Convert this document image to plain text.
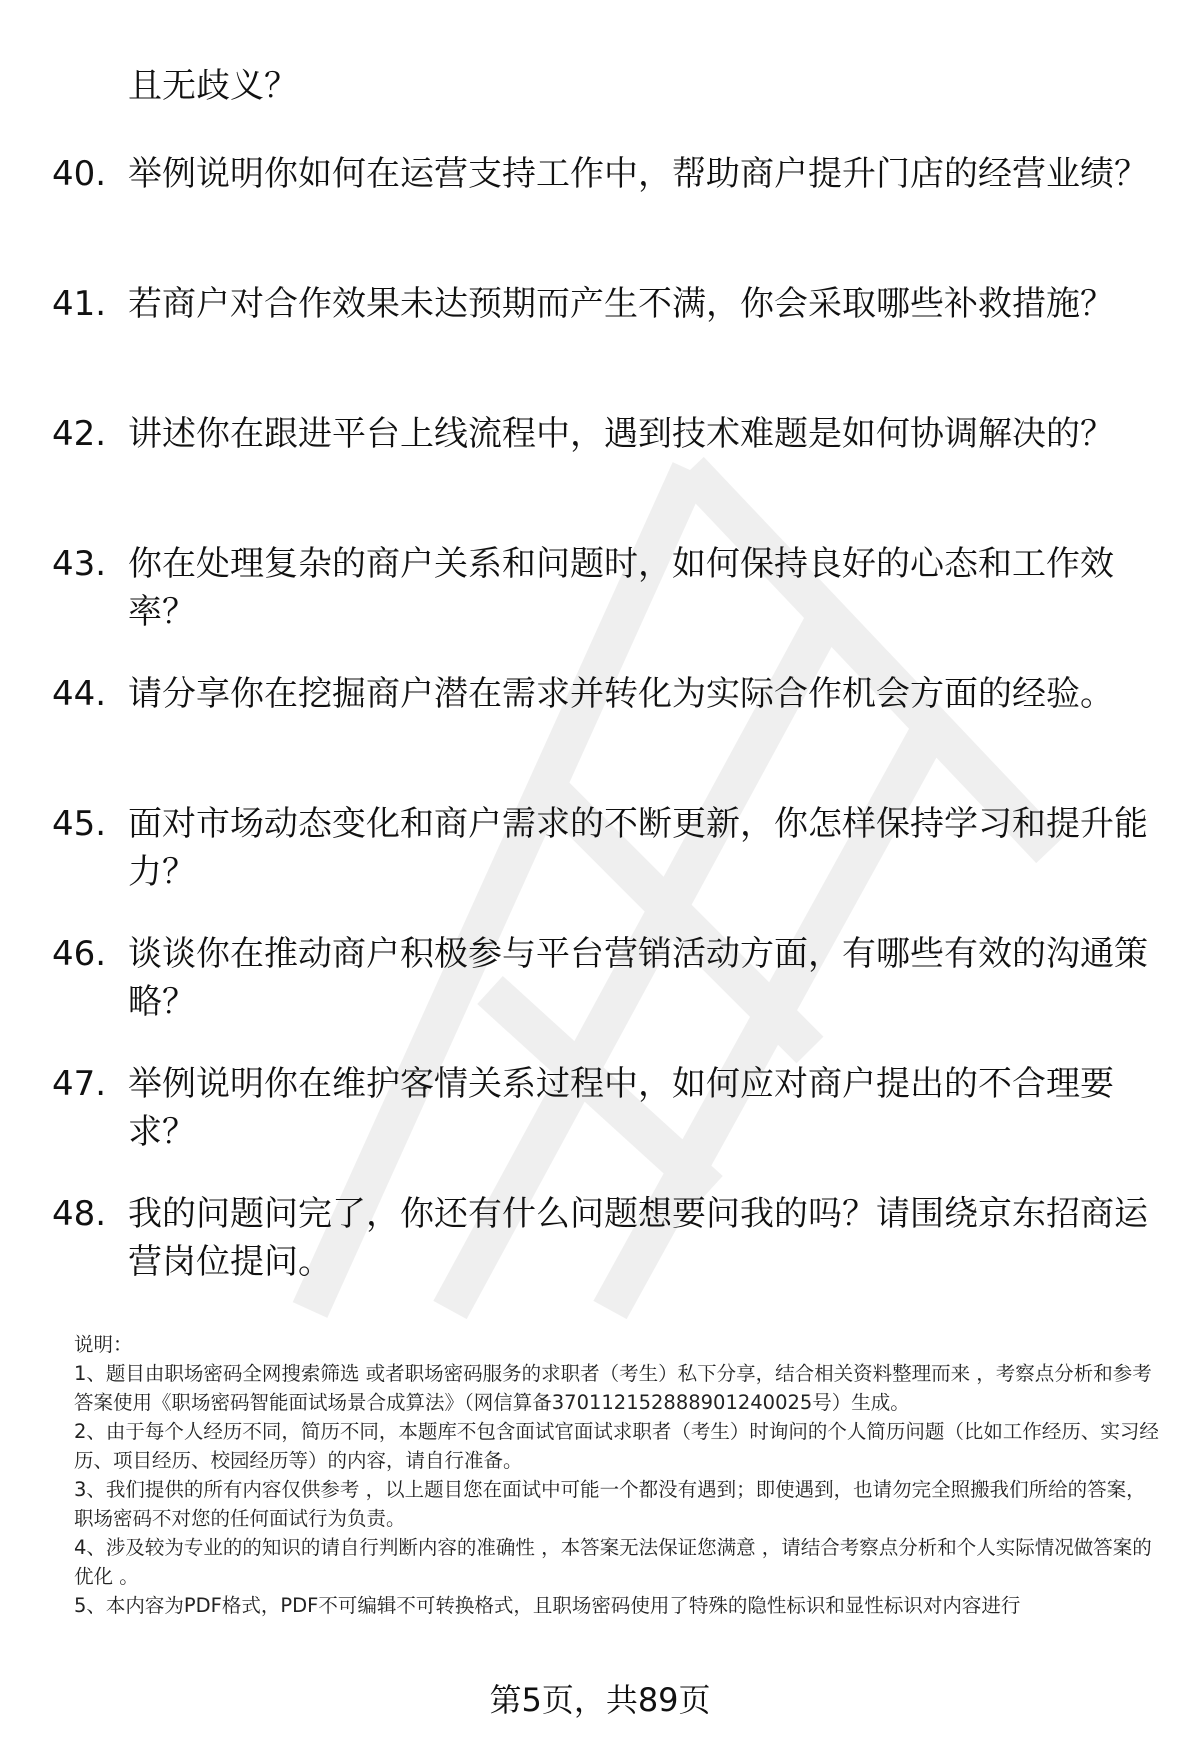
且无歧义？
40. 举例说明你如何在运营支持工作中，帮助商户提升门店的经营业绩？
41. 若商户对合作效果未达预期而产生不满，你会采取哪些补救措施？
42. 讲述你在跟进平台上线流程中，遇到技术难题是如何协调解决的？
43. 你在处理复杂的商户关系和问题时，如何保持良好的心态和工作效率？
44. 请分享你在挖掘商户潜在需求并转化为实际合作机会方面的经验。
45. 面对市场动态变化和商户需求的不断更新，你怎样保持学习和提升能力？
46. 谈谈你在推动商户积极参与平台营销活动方面，有哪些有效的沟通策略？
47. 举例说明你在维护客情关系过程中，如何应对商户提出的不合理要求？
48. 我的问题问完了，你还有什么问题想要问我的吗？请围绕京东招商运营岗位提问。

说明：

1、题目由职场密码全网搜索筛选 或者职场密码服务的求职者（考生）私下分享，结合相关资料整理而来 ，考察点分析和参考答案使用《职场密码智能面试场景合成算法》（网信算备370112152888901240025号）生成。

2、由于每个人经历不同，简历不同，本题库不包含面试官面试求职者（考生）时询问的个人简历问题（比如工作经历、实习经历、项目经历、校园经历等）的内容，请自行准备。

3、我们提供的所有内容仅供参考 ，以上题目您在面试中可能一个都没有遇到；即使遇到，也请勿完全照搬我们所给的答案，职场密码不对您的任何面试行为负责。

4、涉及较为专业的的知识的请自行判断内容的准确性 ，本答案无法保证您满意 ，请结合考察点分析和个人实际情况做答案的优化 。

5、本内容为PDF格式，PDF不可编辑不可转换格式，且职场密码使用了特殊的隐性标识和显性标识对内容进行

第5页，共89页
